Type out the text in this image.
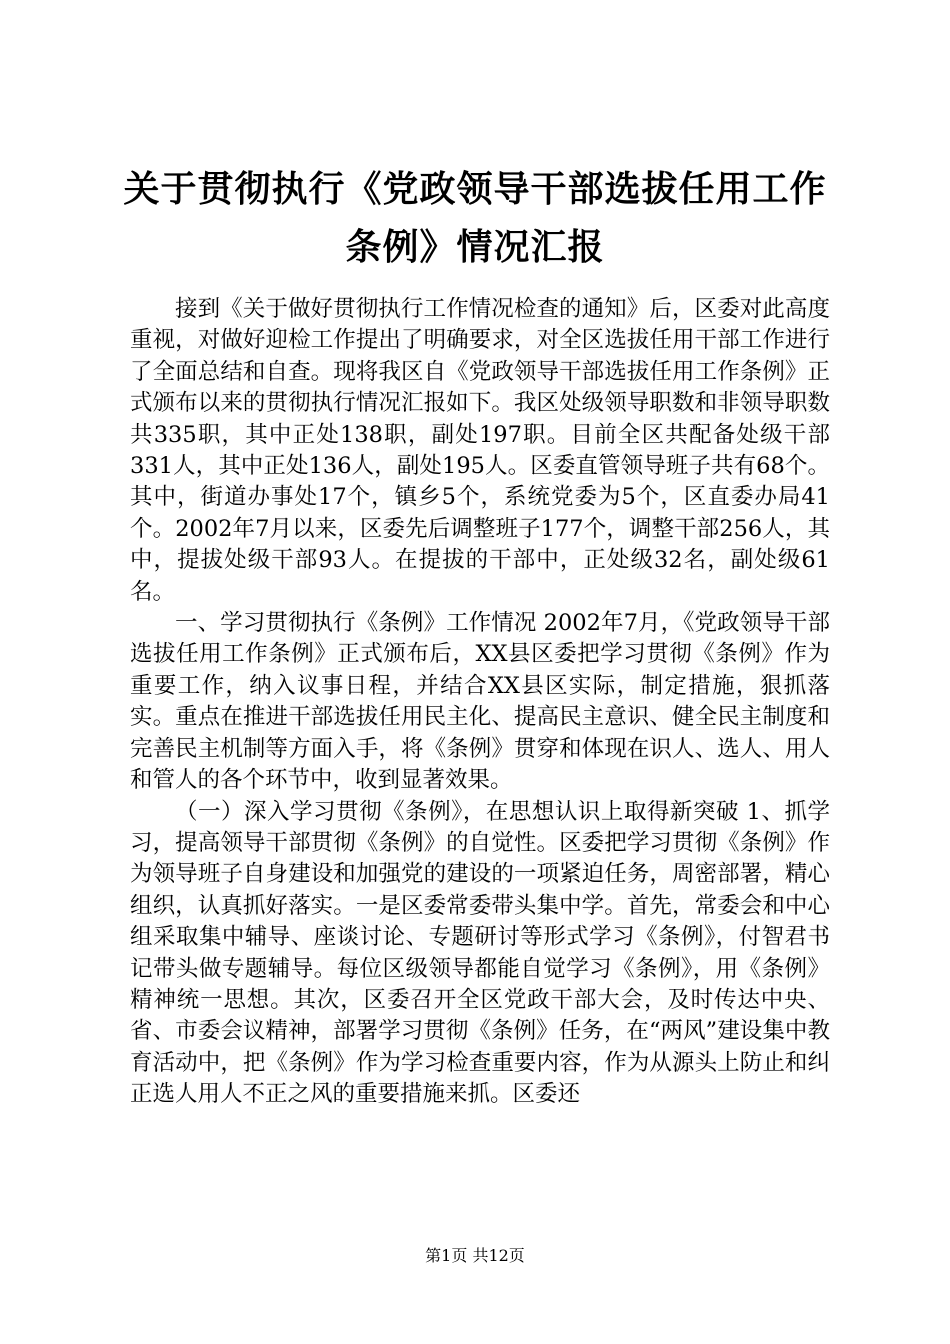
关于贯彻执行《党政领导干部选拔任用工作条例》情况汇报

接到《关于做好贯彻执行工作情况检查的通知》后，区委对此高度重视，对做好迎检工作提出了明确要求，对全区选拔任用干部工作进行了全面总结和自查。现将我区自《党政领导干部选拔任用工作条例》正式颁布以来的贯彻执行情况汇报如下。我区处级领导职数和非领导职数共335职，其中正处138职，副处197职。目前全区共配备处级干部331人，其中正处136人，副处195人。区委直管领导班子共有68个。其中，街道办事处17个，镇乡5个，系统党委为5个，区直委办局41个。2002年7月以来，区委先后调整班子177个，调整干部256人，其中，提拔处级干部93人。在提拔的干部中，正处级32名，副处级61名。

一、学习贯彻执行《条例》工作情况 2002年7月，《党政领导干部选拔任用工作条例》正式颁布后，XX县区委把学习贯彻《条例》作为重要工作，纳入议事日程，并结合XX县区实际，制定措施，狠抓落实。重点在推进干部选拔任用民主化、提高民主意识、健全民主制度和完善民主机制等方面入手，将《条例》贯穿和体现在识人、选人、用人和管人的各个环节中，收到显著效果。

（一）深入学习贯彻《条例》，在思想认识上取得新突破 1、抓学习，提高领导干部贯彻《条例》的自觉性。区委把学习贯彻《条例》作为领导班子自身建设和加强党的建设的一项紧迫任务，周密部署，精心组织，认真抓好落实。一是区委常委带头集中学。首先，常委会和中心组采取集中辅导、座谈讨论、专题研讨等形式学习《条例》，付智君书记带头做专题辅导。每位区级领导都能自觉学习《条例》，用《条例》精神统一思想。其次，区委召开全区党政干部大会，及时传达中央、省、市委会议精神，部署学习贯彻《条例》任务，在“两风”建设集中教育活动中，把《条例》作为学习检查重要内容，作为从源头上防止和纠正选人用人不正之风的重要措施来抓。区委还

第1页 共12页
